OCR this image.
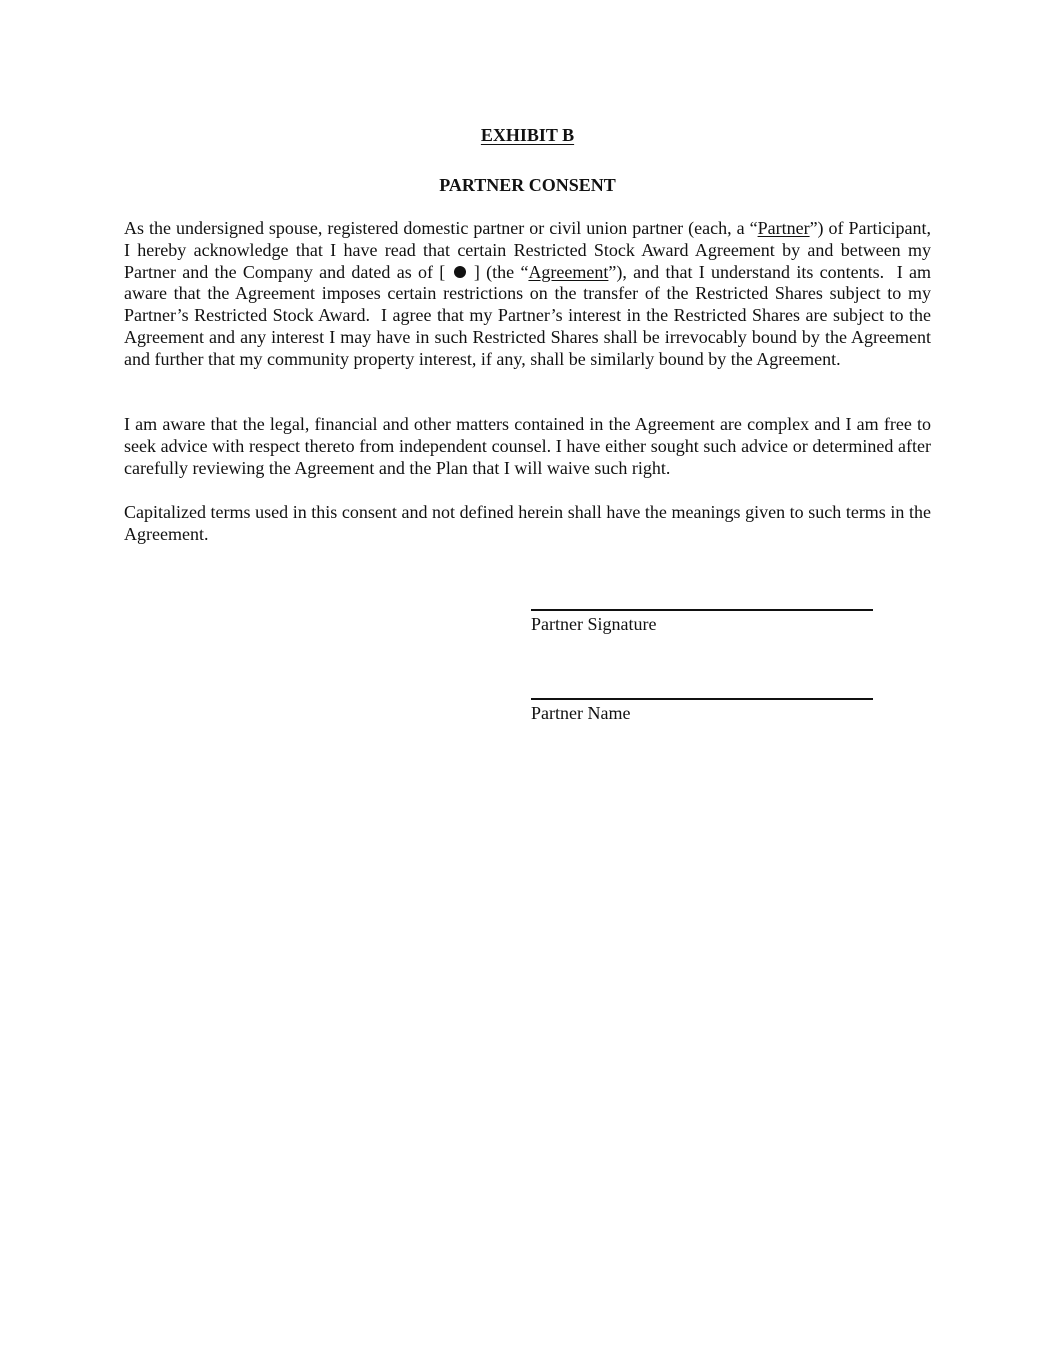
EXHIBIT B
PARTNER CONSENT

As the undersigned spouse, registered domestic partner or civil union partner (each, a “Partner”) of Participant, I hereby acknowledge that I have read that certain Restricted Stock Award Agreement by and between my Partner and the Company and dated as of [ ] (the “Agreement”), and that I understand its contents.  I am aware that the Agreement imposes certain restrictions on the transfer of the Restricted Shares subject to my Partner’s Restricted Stock Award.  I agree that my Partner’s interest in the Restricted Shares are subject to the Agreement and any interest I may have in such Restricted Shares shall be irrevocably bound by the Agreement and further that my community property interest, if any, shall be similarly bound by the Agreement.

I am aware that the legal, financial and other matters contained in the Agreement are complex and I am free to seek advice with respect thereto from independent counsel. I have either sought such advice or determined after carefully reviewing the Agreement and the Plan that I will waive such right.

Capitalized terms used in this consent and not defined herein shall have the meanings given to such terms in the Agreement.

Partner Signature
Partner Name
